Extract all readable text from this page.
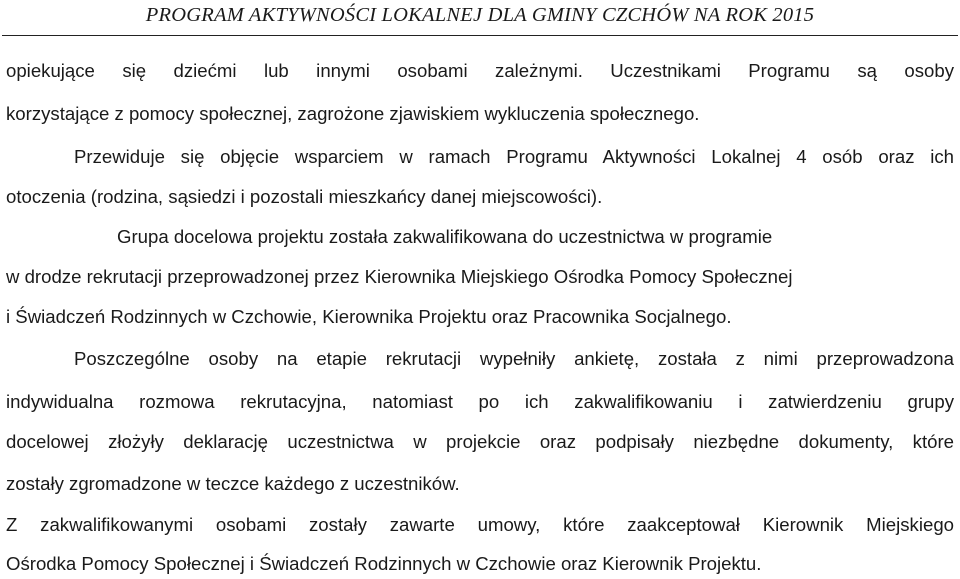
PROGRAM AKTYWNOŚCI LOKALNEJ DLA GMINY CZCHÓW NA ROK 2015
opiekujące się dziećmi lub innymi osobami zależnymi. Uczestnikami Programu są osoby
korzystające z pomocy społecznej, zagrożone zjawiskiem wykluczenia społecznego.
Przewiduje się objęcie wsparciem w ramach Programu Aktywności Lokalnej 4 osób oraz ich
otoczenia (rodzina, sąsiedzi i pozostali mieszkańcy danej miejscowości).
Grupa docelowa projektu została zakwalifikowana do uczestnictwa w programie
w drodze rekrutacji przeprowadzonej przez Kierownika Miejskiego Ośrodka Pomocy Społecznej
i Świadczeń Rodzinnych w Czchowie, Kierownika Projektu oraz Pracownika Socjalnego.
Poszczególne osoby na etapie rekrutacji wypełniły ankietę, została z nimi przeprowadzona
indywidualna rozmowa rekrutacyjna, natomiast po ich zakwalifikowaniu i zatwierdzeniu grupy
docelowej złożyły deklarację uczestnictwa w projekcie oraz podpisały niezbędne dokumenty, które
zostały zgromadzone w teczce każdego z uczestników.
Z zakwalifikowanymi osobami zostały zawarte umowy, które zaakceptował Kierownik Miejskiego
Ośrodka Pomocy Społecznej i Świadczeń Rodzinnych w Czchowie oraz Kierownik Projektu.
